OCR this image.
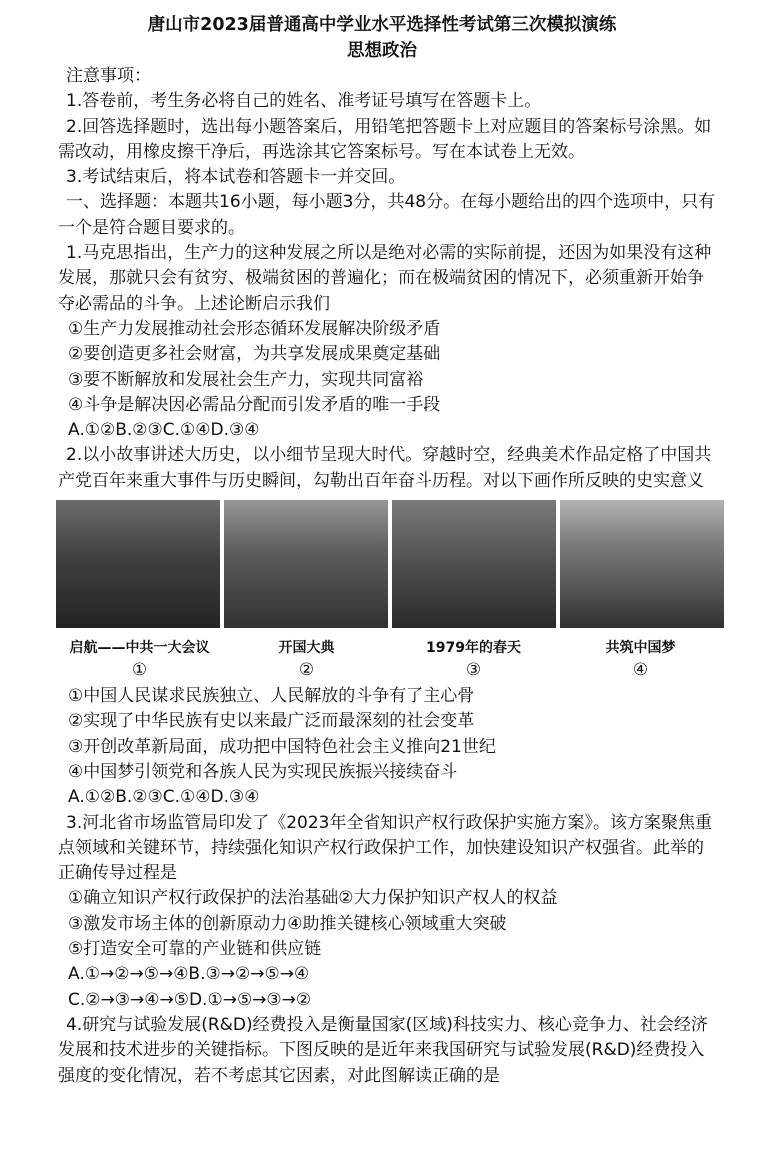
唐山市2023届普通高中学业水平选择性考试第三次模拟演练
思想政治

注意事项：

1.答卷前，考生务必将自己的姓名、准考证号填写在答题卡上。

2.回答选择题时，选出每小题答案后，用铅笔把答题卡上对应题目的答案标号涂黑。如需改动，用橡皮擦干净后，再选涂其它答案标号。写在本试卷上无效。

3.考试结束后，将本试卷和答题卡一并交回。

一、选择题：本题共16小题，每小题3分，共48分。在每小题给出的四个选项中，只有一个是符合题目要求的。

1.马克思指出，生产力的这种发展之所以是绝对必需的实际前提，还因为如果没有这种发展，那就只会有贫穷、极端贫困的普遍化；而在极端贫困的情况下，必须重新开始争夺必需品的斗争。上述论断启示我们

①生产力发展推动社会形态循环发展解决阶级矛盾

②要创造更多社会财富，为共享发展成果奠定基础

③要不断解放和发展社会生产力，实现共同富裕

④斗争是解决因必需品分配而引发矛盾的唯一手段

A.①②B.②③C.①④D.③④

2.以小故事讲述大历史，以小细节呈现大时代。穿越时空，经典美术作品定格了中国共产党百年来重大事件与历史瞬间，勾勒出百年奋斗历程。对以下画作所反映的史实意义

启航——中共一大会议
①
开国大典
②
1979年的春天
③
共筑中国梦
④

①中国人民谋求民族独立、人民解放的斗争有了主心骨

②实现了中华民族有史以来最广泛而最深刻的社会变革

③开创改革新局面，成功把中国特色社会主义推向21世纪

④中国梦引领党和各族人民为实现民族振兴接续奋斗

A.①②B.②③C.①④D.③④

3.河北省市场监管局印发了《2023年全省知识产权行政保护实施方案》。该方案聚焦重点领域和关键环节，持续强化知识产权行政保护工作，加快建设知识产权强省。此举的正确传导过程是

①确立知识产权行政保护的法治基础②大力保护知识产权人的权益

③激发市场主体的创新原动力④助推关键核心领域重大突破

⑤打造安全可靠的产业链和供应链

A.①→②→⑤→④B.③→②→⑤→④

C.②→③→④→⑤D.①→⑤→③→②

4.研究与试验发展(R&D)经费投入是衡量国家(区域)科技实力、核心竞争力、社会经济发展和技术进步的关键指标。下图反映的是近年来我国研究与试验发展(R&D)经费投入强度的变化情况，若不考虑其它因素，对此图解读正确的是
